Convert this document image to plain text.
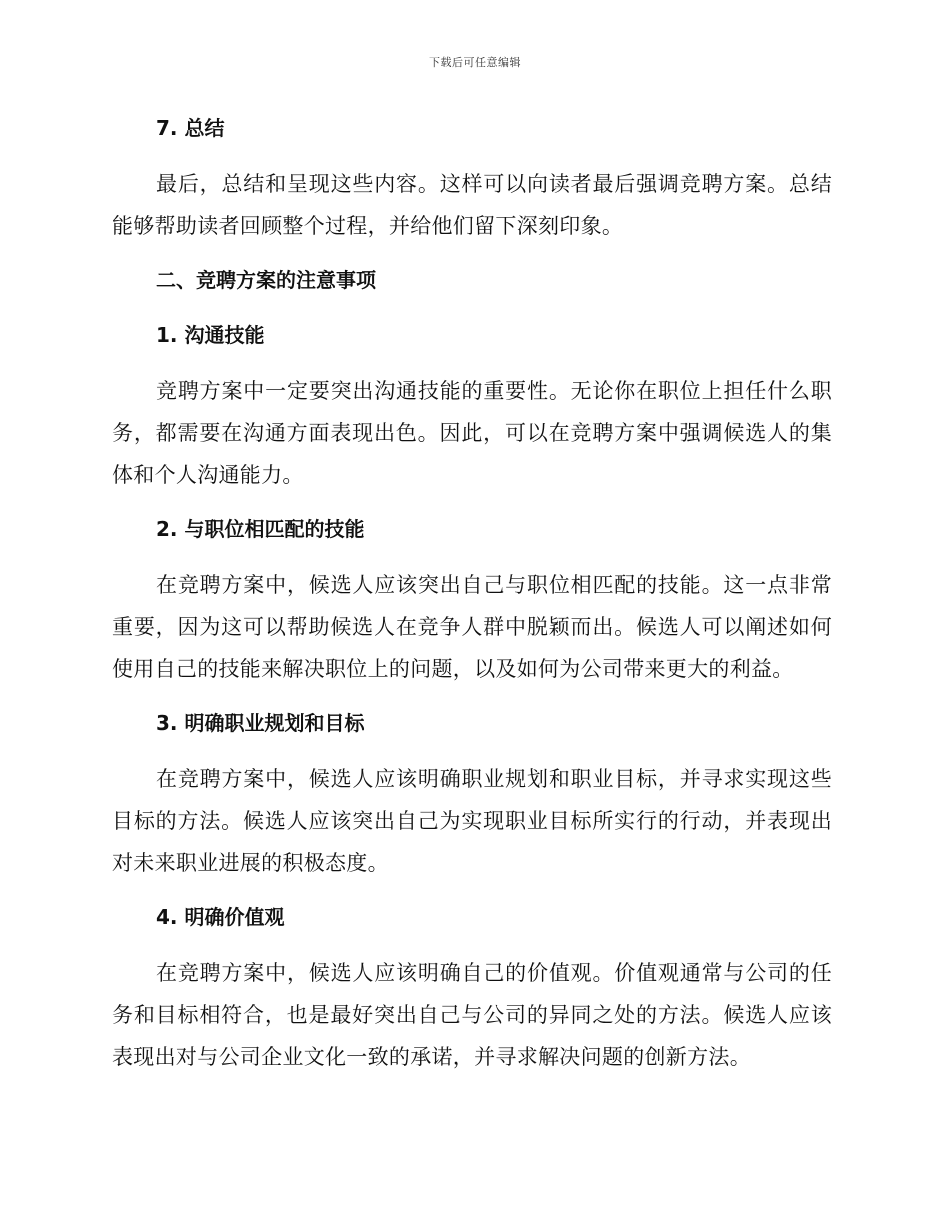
下载后可任意编辑
7. 总结

最后，总结和呈现这些内容。这样可以向读者最后强调竞聘方案。总结能够帮助读者回顾整个过程，并给他们留下深刻印象。

二、竞聘方案的注意事项
1. 沟通技能

竞聘方案中一定要突出沟通技能的重要性。无论你在职位上担任什么职务，都需要在沟通方面表现出色。因此，可以在竞聘方案中强调候选人的集体和个人沟通能力。

2. 与职位相匹配的技能

在竞聘方案中，候选人应该突出自己与职位相匹配的技能。这一点非常重要，因为这可以帮助候选人在竞争人群中脱颖而出。候选人可以阐述如何使用自己的技能来解决职位上的问题，以及如何为公司带来更大的利益。

3. 明确职业规划和目标

在竞聘方案中，候选人应该明确职业规划和职业目标，并寻求实现这些目标的方法。候选人应该突出自己为实现职业目标所实行的行动，并表现出对未来职业进展的积极态度。

4. 明确价值观

在竞聘方案中，候选人应该明确自己的价值观。价值观通常与公司的任务和目标相符合，也是最好突出自己与公司的异同之处的方法。候选人应该表现出对与公司企业文化一致的承诺，并寻求解决问题的创新方法。
